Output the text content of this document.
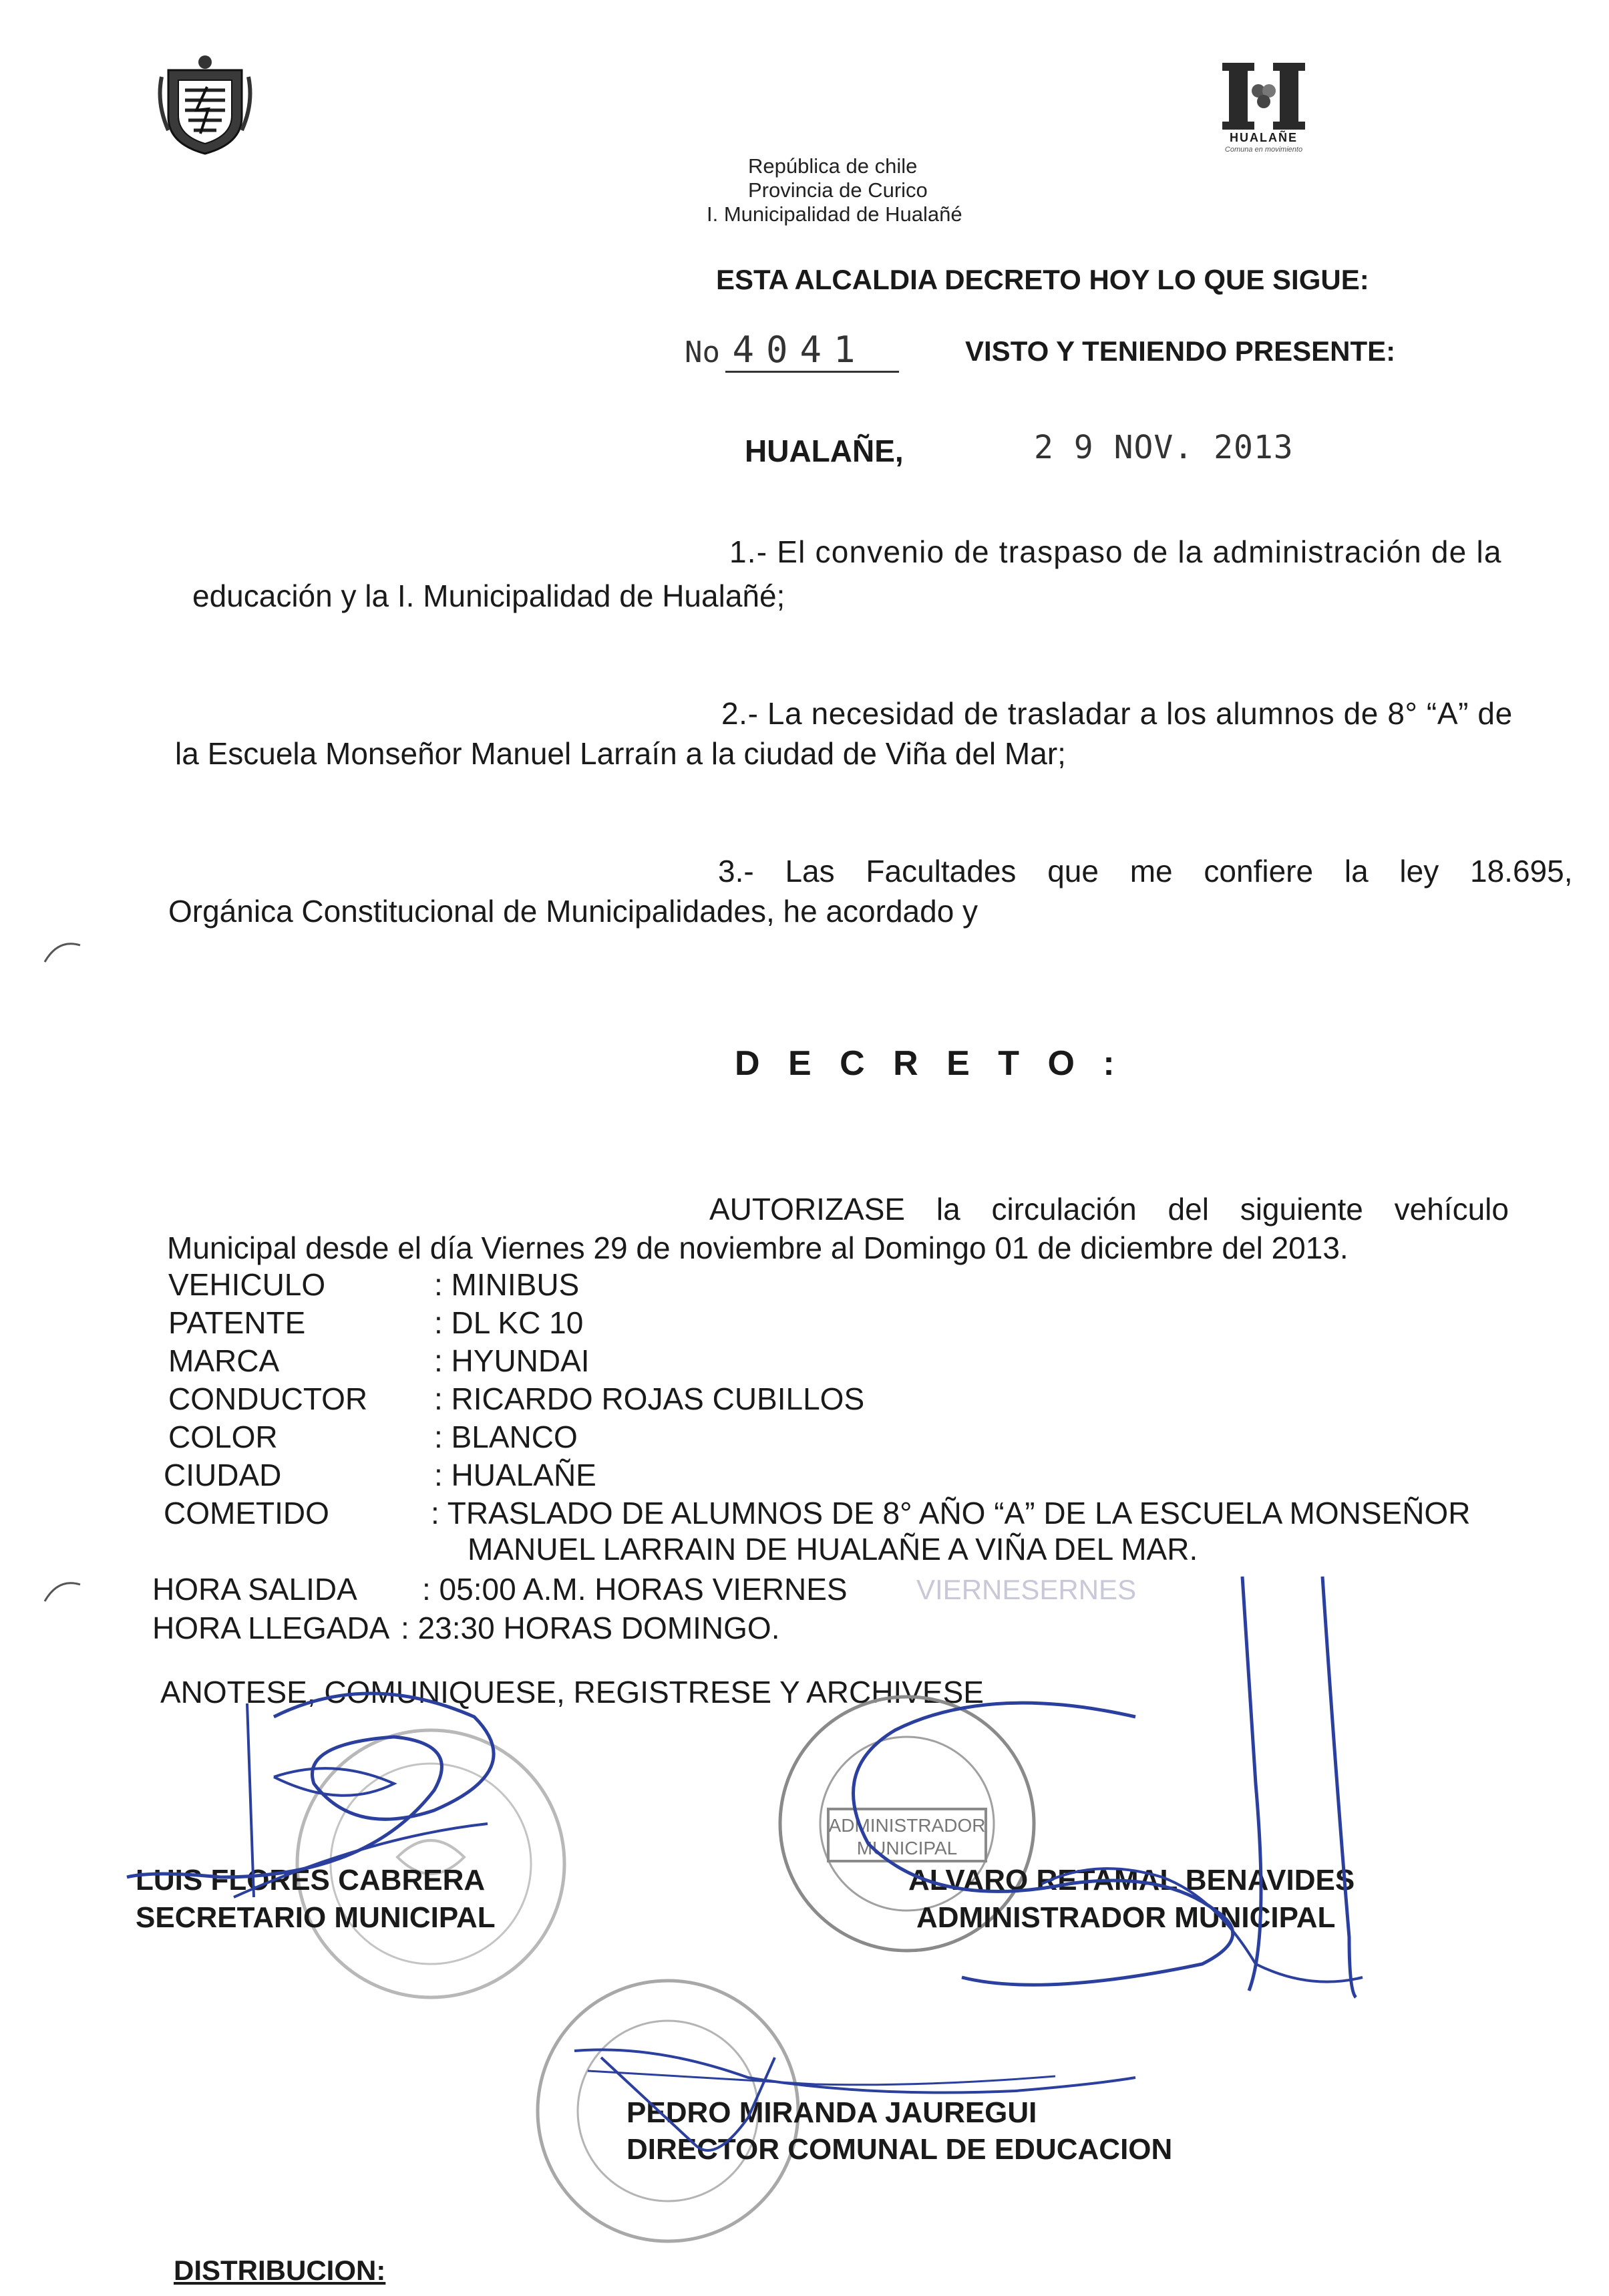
HUALAÑE
Comuna en movimiento
República de chile
Provincia de Curico
I. Municipalidad de Hualañé
ESTA ALCALDIA DECRETO HOY LO QUE SIGUE:
No 4041	VISTO Y TENIENDO PRESENTE:
HUALAÑE,	2 9 NOV. 2013
1.- El convenio de traspaso de la administración de la
educación y la I. Municipalidad de Hualañé;
2.- La necesidad de trasladar a los alumnos de 8° “A” de
la Escuela Monseñor Manuel Larraín a la ciudad de Viña del Mar;
3.- Las Facultades que me confiere la ley 18.695,
Orgánica Constitucional de Municipalidades, he acordado y
D E C R E T O :
AUTORIZASE la circulación del siguiente vehículo
Municipal desde el día Viernes 29 de noviembre al Domingo 01 de diciembre del 2013.
VEHICULO	: MINIBUS
PATENTE	: DL KC 10
MARCA	: HYUNDAI
CONDUCTOR : RICARDO ROJAS CUBILLOS
COLOR	: BLANCO
CIUDAD	: HUALAÑE
COMETIDO	: TRASLADO DE ALUMNOS DE 8° AÑO “A” DE LA ESCUELA MONSEÑOR
MANUEL LARRAIN DE HUALAÑE A VIÑA DEL MAR.
HORA SALIDA : 05:00 A.M. HORAS VIERNES VIERNESERNES
HORA LLEGADA : 23:30 HORAS DOMINGO.
ANOTESE, COMUNIQUESE, REGISTRESE Y ARCHIVESE
ADMINISTRADOR
MUNICIPAL
LUIS FLORES CABRERA
SECRETARIO MUNICIPAL
ALVARO RETAMAL BENAVIDES
ADMINISTRADOR MUNICIPAL
PEDRO MIRANDA JAUREGUI
DIRECTOR COMUNAL DE EDUCACION
DISTRIBUCION:
